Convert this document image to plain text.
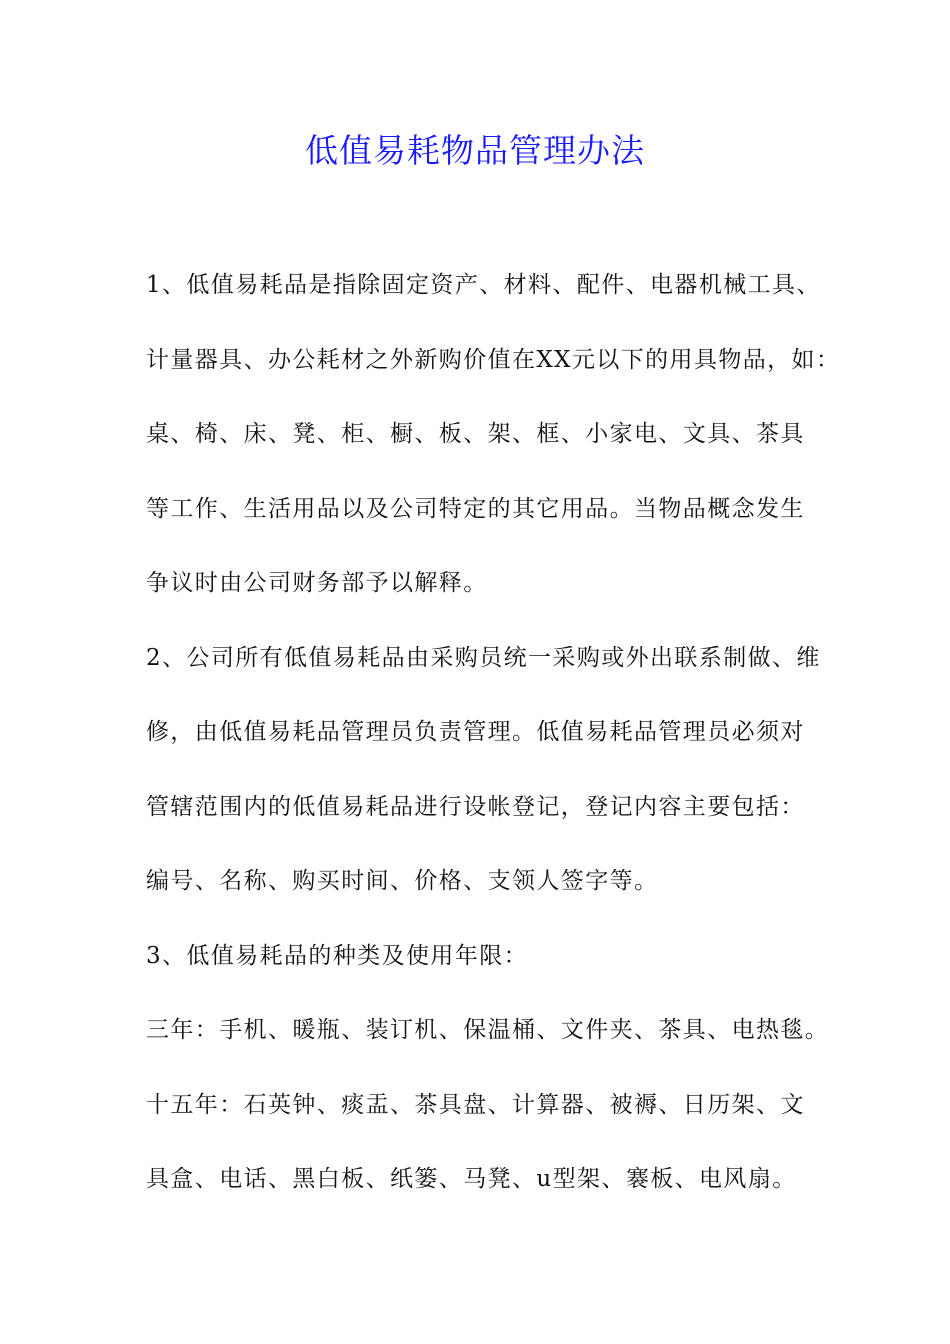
低值易耗物品管理办法
1、低值易耗品是指除固定资产、材料、配件、电器机械工具、
计量器具、办公耗材之外新购价值在XX元以下的用具物品，如：
桌、椅、床、凳、柜、橱、板、架、框、小家电、文具、茶具
等工作、生活用品以及公司特定的其它用品。当物品概念发生
争议时由公司财务部予以解释。
2、公司所有低值易耗品由采购员统一采购或外出联系制做、维
修，由低值易耗品管理员负责管理。低值易耗品管理员必须对
管辖范围内的低值易耗品进行设帐登记，登记内容主要包括：
编号、名称、购买时间、价格、支领人签字等。
3、低值易耗品的种类及使用年限：
三年：手机、暖瓶、装订机、保温桶、文件夹、茶具、电热毯。
十五年：石英钟、痰盂、茶具盘、计算器、被褥、日历架、文
具盒、电话、黑白板、纸篓、马凳、u型架、褰板、电风扇。
